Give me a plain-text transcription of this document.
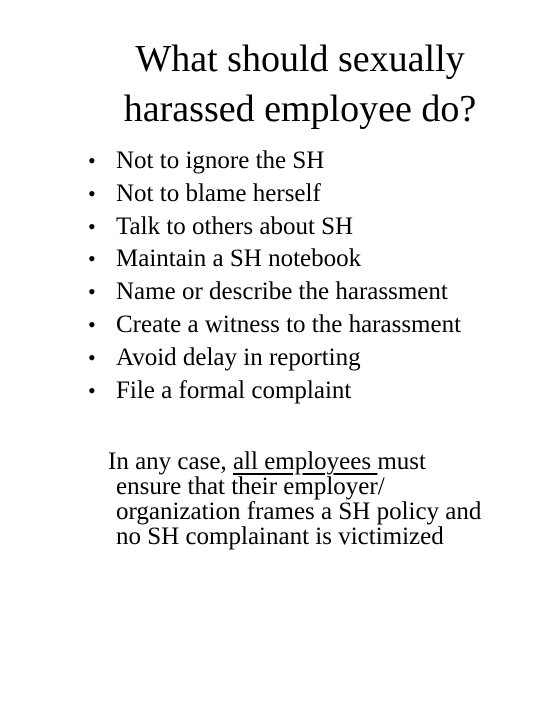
What should sexually
harassed employee do?
• Not to ignore the SH
• Not to blame herself
• Talk to others about SH
• Maintain a SH notebook
• Name or describe the harassment
• Create a witness to the harassment
• Avoid delay in reporting
• File a formal complaint
In any case, all employees must
ensure that their employer/
organization frames a SH policy and
no SH complainant is victimized
